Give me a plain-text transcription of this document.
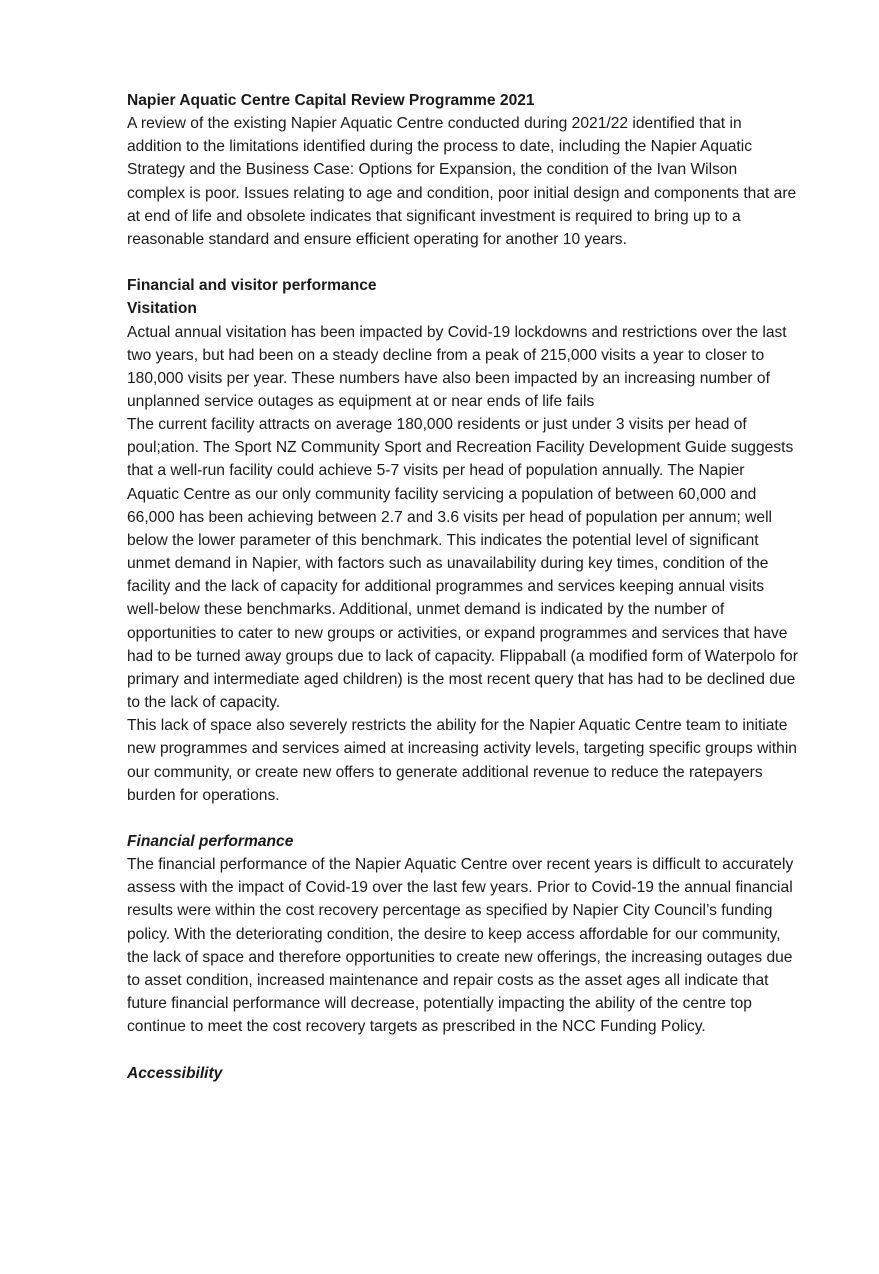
Napier Aquatic Centre Capital Review Programme 2021

A review of the existing Napier Aquatic Centre conducted during 2021/22 identified that in addition to the limitations identified during the process to date, including the Napier Aquatic Strategy and the Business Case: Options for Expansion, the condition of the Ivan Wilson complex is poor. Issues relating to age and condition, poor initial design and components that are at end of life and obsolete indicates that significant investment is required to bring up to a reasonable standard and ensure efficient operating for another 10 years.

Financial and visitor performance

Visitation

Actual annual visitation has been impacted by Covid-19 lockdowns and restrictions over the last two years, but had been on a steady decline from a peak of 215,000 visits a year to closer to 180,000 visits per year. These numbers have also been impacted by an increasing number of unplanned service outages as equipment at or near ends of life fails

The current facility attracts on average 180,000 residents or just under 3 visits per head of poul;ation. The Sport NZ Community Sport and Recreation Facility Development Guide suggests that a well-run facility could achieve 5-7 visits per head of population annually. The Napier Aquatic Centre as our only community facility servicing a population of between 60,000 and 66,000 has been achieving between 2.7 and 3.6 visits per head of population per annum; well below the lower parameter of this benchmark. This indicates the potential level of significant unmet demand in Napier, with factors such as unavailability during key times, condition of the facility and the lack of capacity for additional programmes and services keeping annual visits well-below these benchmarks. Additional, unmet demand is indicated by the number of opportunities to cater to new groups or activities, or expand programmes and services that have had to be turned away groups due to lack of capacity. Flippaball (a modified form of Waterpolo for primary and intermediate aged children) is the most recent query that has had to be declined due to the lack of capacity.

This lack of space also severely restricts the ability for the Napier Aquatic Centre team to initiate new programmes and services aimed at increasing activity levels, targeting specific groups within our community, or create new offers to generate additional revenue to reduce the ratepayers burden for operations.

Financial performance

The financial performance of the Napier Aquatic Centre over recent years is difficult to accurately assess with the impact of Covid-19 over the last few years. Prior to Covid-19 the annual financial results were within the cost recovery percentage as specified by Napier City Council’s funding policy. With the deteriorating condition, the desire to keep access affordable for our community, the lack of space and therefore opportunities to create new offerings, the increasing outages due to asset condition, increased maintenance and repair costs as the asset ages all indicate that future financial performance will decrease, potentially impacting the ability of the centre top continue to meet the cost recovery targets as prescribed in the NCC Funding Policy.

Accessibility
